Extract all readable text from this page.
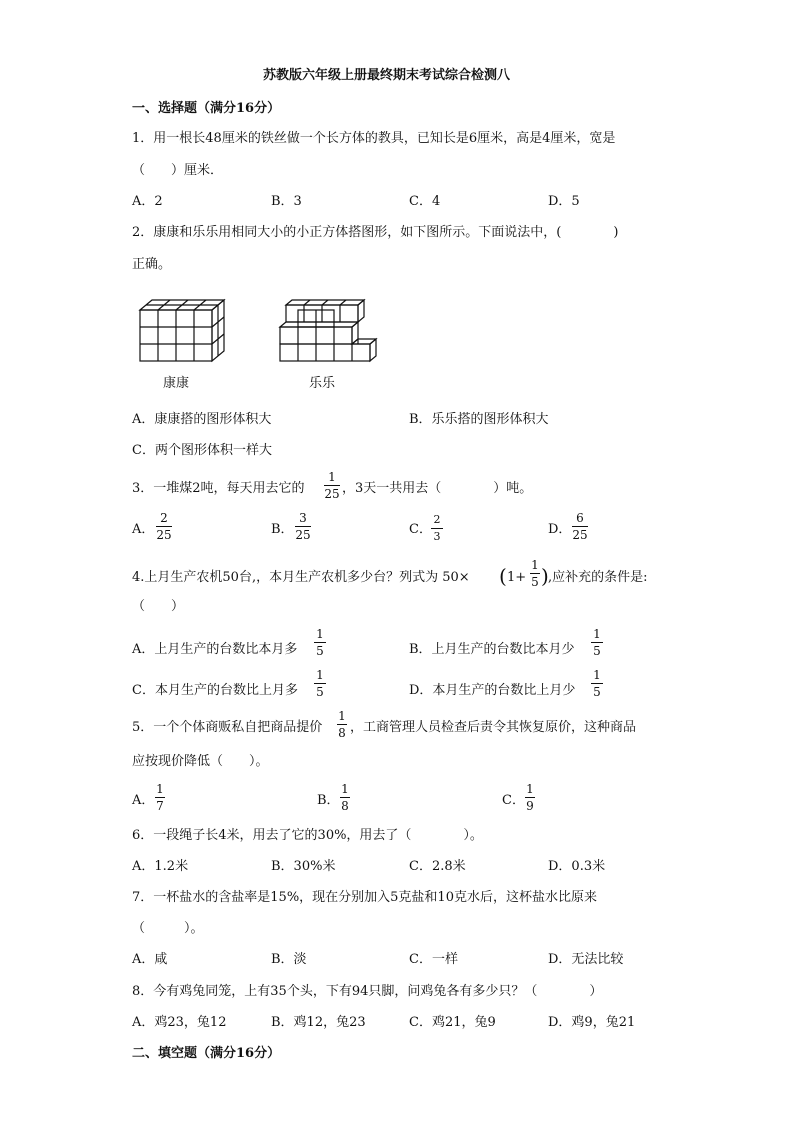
苏教版六年级上册最终期末考试综合检测八
一、选择题（满分16分）
1．用一根长48厘米的铁丝做一个长方体的教具，已知长是6厘米，高是4厘米，宽是
（　　）厘米．
A．2	B．3	C．4	D．5
2．康康和乐乐用相同大小的小正方体搭图形，如下图所示。下面说法中，(　　　　)
正确。
康康	乐乐
A．康康搭的图形体积大	B．乐乐搭的图形体积大
C．两个图形体积一样大
3．一堆煤2吨，每天用去它的
1
25 ，3天一共用去（　　　　）吨。
A．
2
25	B．
3
25	C．
2
3	D．
6
25
4.上月生产农机50台,，本月生产农机多少台？列式为 50× ( 1+
1
5 ) ,应补充的条件是:
（　　）
A．上月生产的台数比本月多
1
5	B．上月生产的台数比本月少
1
5
C．本月生产的台数比上月多
1
5	D．本月生产的台数比上月少
1
5
5．一个个体商贩私自把商品提价
1
8 ，工商管理人员检查后责令其恢复原价，这种商品
应按现价降低（　　）。
A．
1
7	B．
1
8	C．
1
9
6．一段绳子长4米，用去了它的30%，用去了（　　　　）。
A．1.2米	B．30%米	C．2.8米	D．0.3米
7．一杯盐水的含盐率是15%，现在分别加入5克盐和10克水后，这杯盐水比原来
（　　　）。
A．咸	B．淡	C．一样	D．无法比较
8．今有鸡兔同笼，上有35个头，下有94只脚，问鸡兔各有多少只？（　　　　）
A．鸡23，兔12	B．鸡12，兔23	C．鸡21，兔9	D．鸡9，兔21
二、填空题（满分16分）
